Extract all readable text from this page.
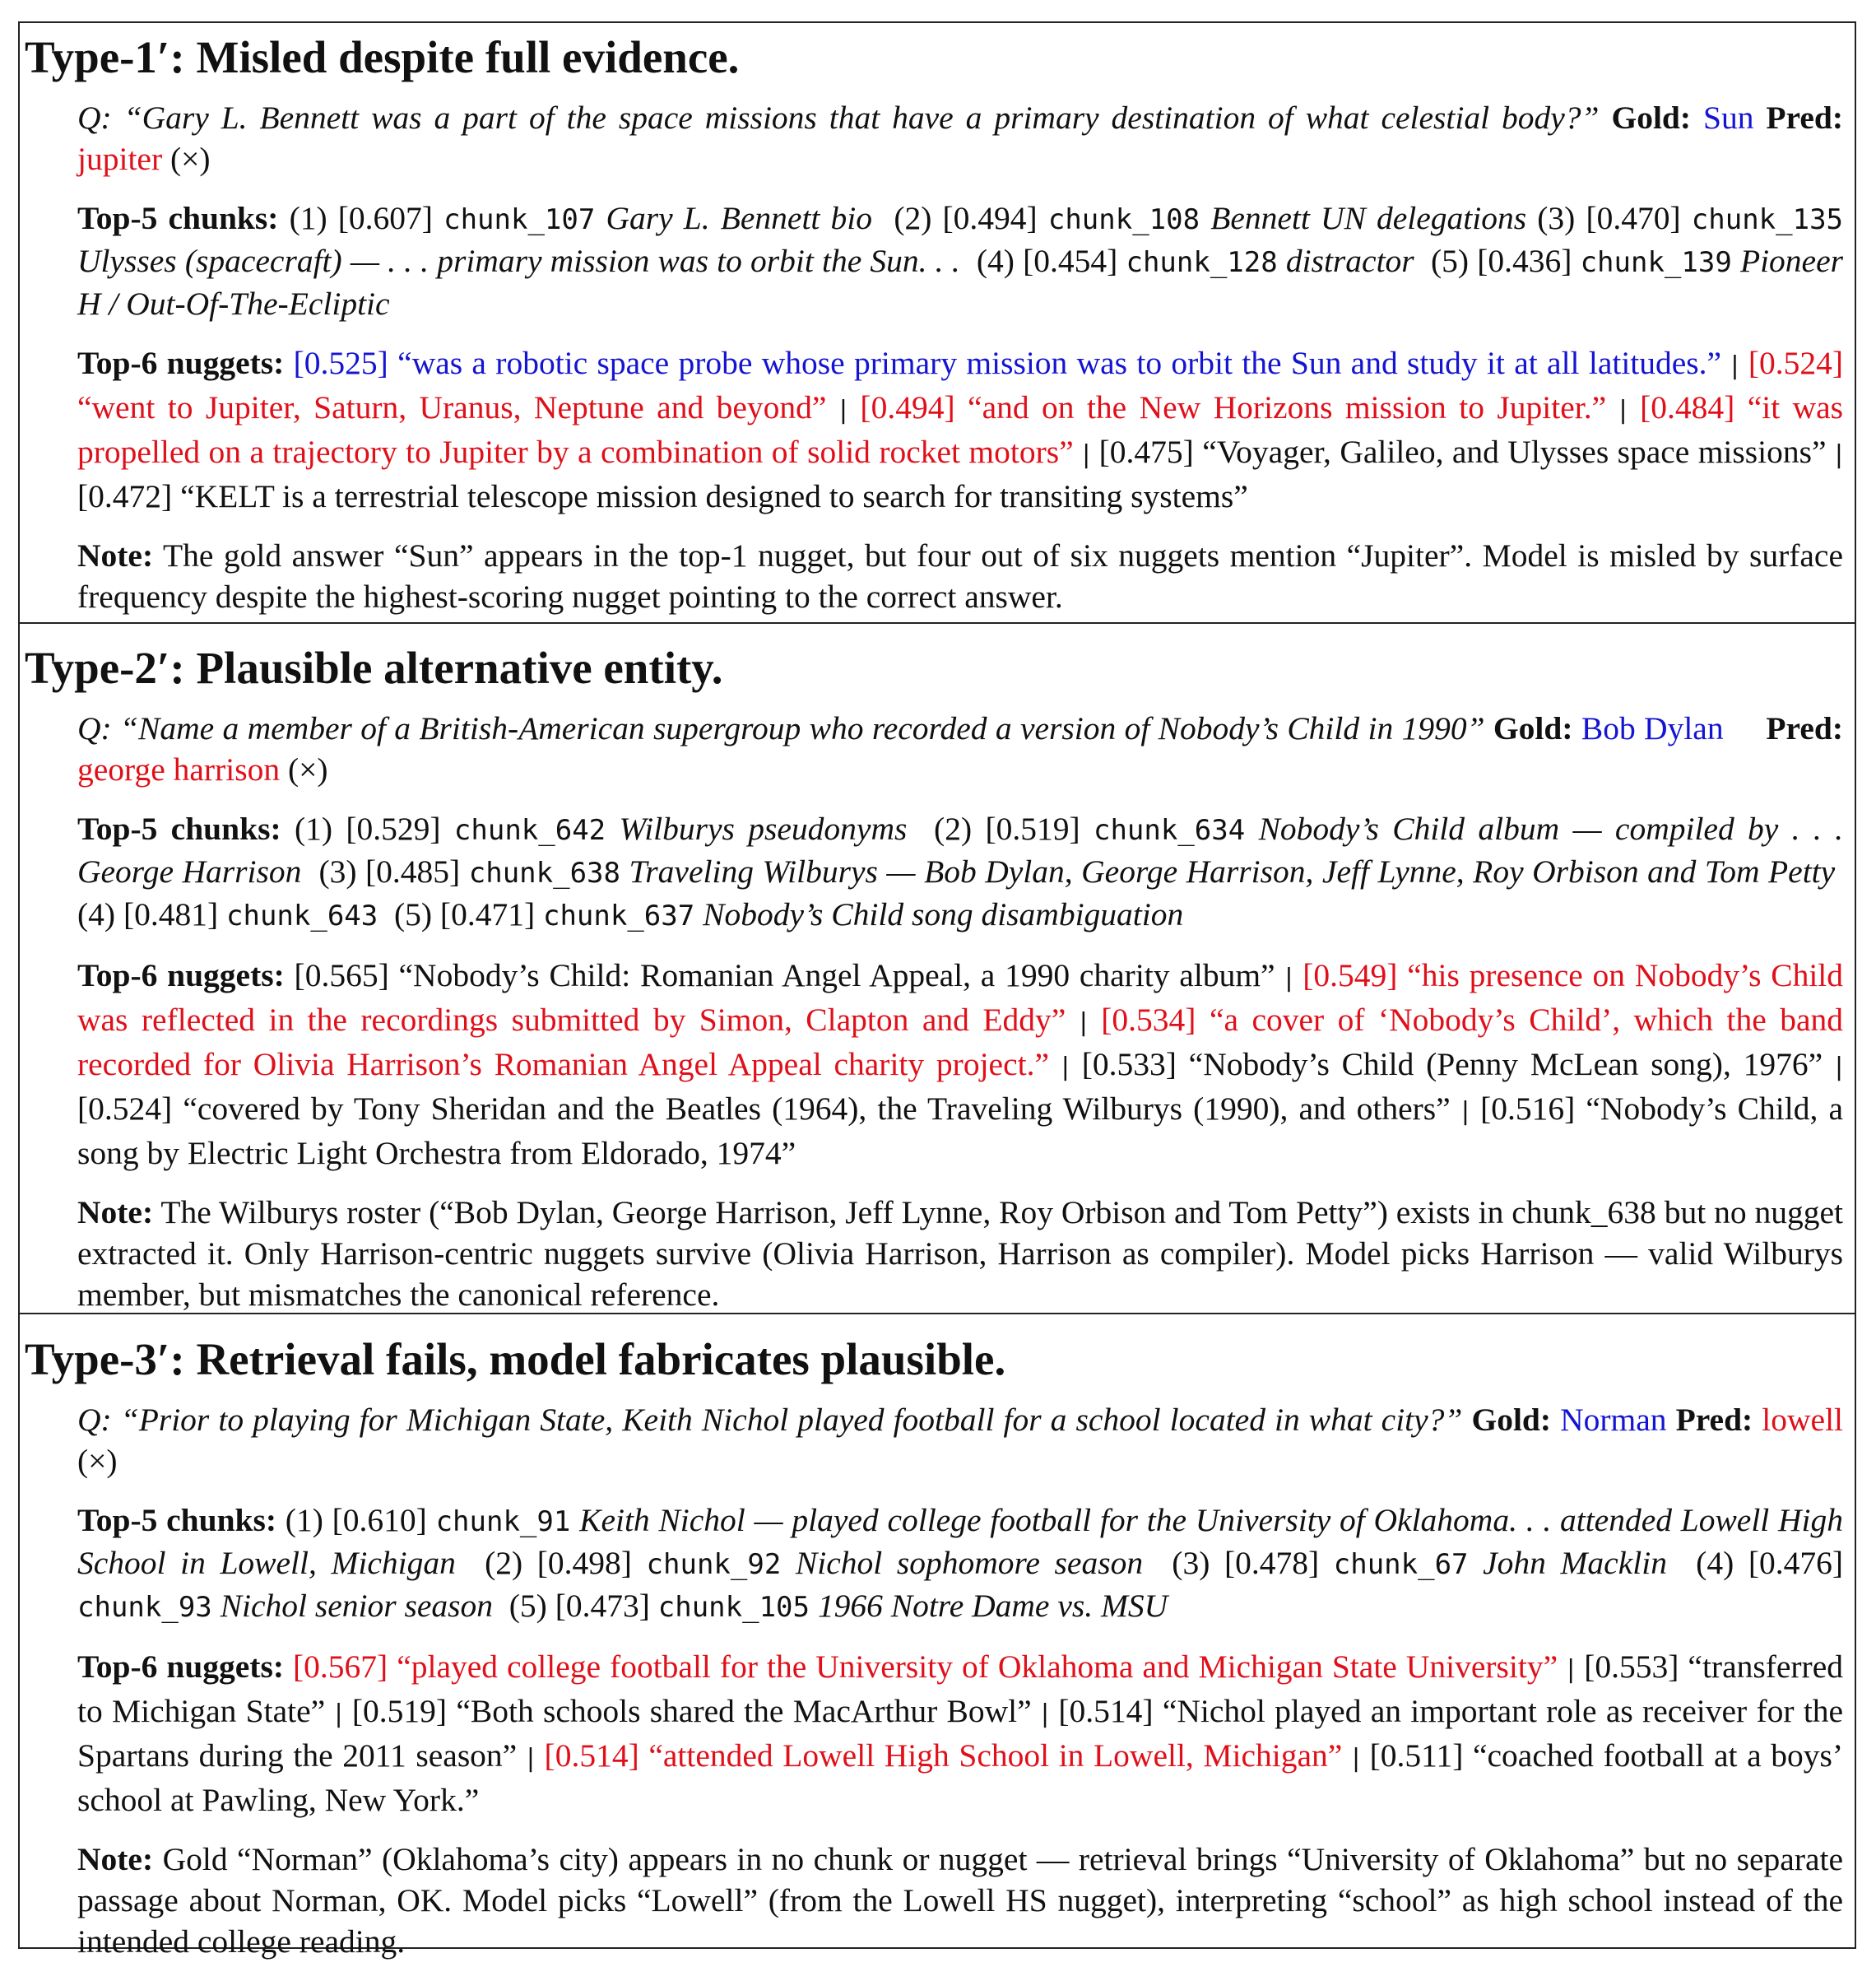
Type-1′: Misled despite full evidence.

Q: “Gary L. Bennett was a part of the space missions that have a primary destination of what celestial body?” Gold: Sun Pred: jupiter (×)

Top-5 chunks: (1) [0.607] chunk_107 Gary L. Bennett bio (2) [0.494] chunk_108 Bennett UN delegations (3) [0.470] chunk_135 Ulysses (spacecraft) — . . . primary mission was to orbit the Sun. . . (4) [0.454] chunk_128 distractor (5) [0.436] chunk_139 Pioneer H / Out-Of-The-Ecliptic

Top-6 nuggets: [0.525] “was a robotic space probe whose primary mission was to orbit the Sun and study it at all latitudes.” | [0.524] “went to Jupiter, Saturn, Uranus, Neptune and beyond” | [0.494] “and on the New Horizons mission to Jupiter.” | [0.484] “it was propelled on a trajectory to Jupiter by a combination of solid rocket motors” | [0.475] “Voyager, Galileo, and Ulysses space missions” | [0.472] “KELT is a terrestrial telescope mission designed to search for transiting systems”

Note: The gold answer “Sun” appears in the top-1 nugget, but four out of six nuggets mention “Jupiter”. Model is misled by surface frequency despite the highest-scoring nugget pointing to the correct answer.

Type-2′: Plausible alternative entity.

Q: “Name a member of a British-American supergroup who recorded a version of Nobody’s Child in 1990” Gold: Bob Dylan Pred: george harrison (×)

Top-5 chunks: (1) [0.529] chunk_642 Wilburys pseudonyms (2) [0.519] chunk_634 Nobody’s Child album — compiled by . . . George Harrison (3) [0.485] chunk_638 Traveling Wilburys — Bob Dylan, George Harrison, Jeff Lynne, Roy Orbison and Tom Petty  (4) [0.481] chunk_643 (5) [0.471] chunk_637 Nobody’s Child song disambiguation

Top-6 nuggets: [0.565] “Nobody’s Child: Romanian Angel Appeal, a 1990 charity album” | [0.549] “his presence on Nobody’s Child was reflected in the recordings submitted by Simon, Clapton and Eddy” | [0.534] “a cover of ‘Nobody’s Child’, which the band recorded for Olivia Harrison’s Romanian Angel Appeal charity project.” | [0.533] “Nobody’s Child (Penny McLean song), 1976” | [0.524] “covered by Tony Sheridan and the Beatles (1964), the Traveling Wilburys (1990), and others” | [0.516] “Nobody’s Child, a song by Electric Light Orchestra from Eldorado, 1974”

Note: The Wilburys roster (“Bob Dylan, George Harrison, Jeff Lynne, Roy Orbison and Tom Petty”) exists in chunk_638 but no nugget extracted it. Only Harrison-centric nuggets survive (Olivia Harrison, Harrison as compiler). Model picks Harrison — valid Wilburys member, but mismatches the canonical reference.

Type-3′: Retrieval fails, model fabricates plausible.

Q: “Prior to playing for Michigan State, Keith Nichol played football for a school located in what city?” Gold: Norman Pred: lowell (×)

Top-5 chunks: (1) [0.610] chunk_91 Keith Nichol — played college football for the University of Oklahoma. . . attended Lowell High School in Lowell, Michigan (2) [0.498] chunk_92 Nichol sophomore season (3) [0.478] chunk_67 John Macklin (4) [0.476] chunk_93 Nichol senior season (5) [0.473] chunk_105 1966 Notre Dame vs. MSU

Top-6 nuggets: [0.567] “played college football for the University of Oklahoma and Michigan State University” | [0.553] “transferred to Michigan State” | [0.519] “Both schools shared the MacArthur Bowl” | [0.514] “Nichol played an important role as receiver for the Spartans during the 2011 season” | [0.514] “attended Lowell High School in Lowell, Michigan” | [0.511] “coached football at a boys’ school at Pawling, New York.”

Note: Gold “Norman” (Oklahoma’s city) appears in no chunk or nugget — retrieval brings “University of Oklahoma” but no separate passage about Norman, OK. Model picks “Lowell” (from the Lowell HS nugget), interpreting “school” as high school instead of the intended college reading.
